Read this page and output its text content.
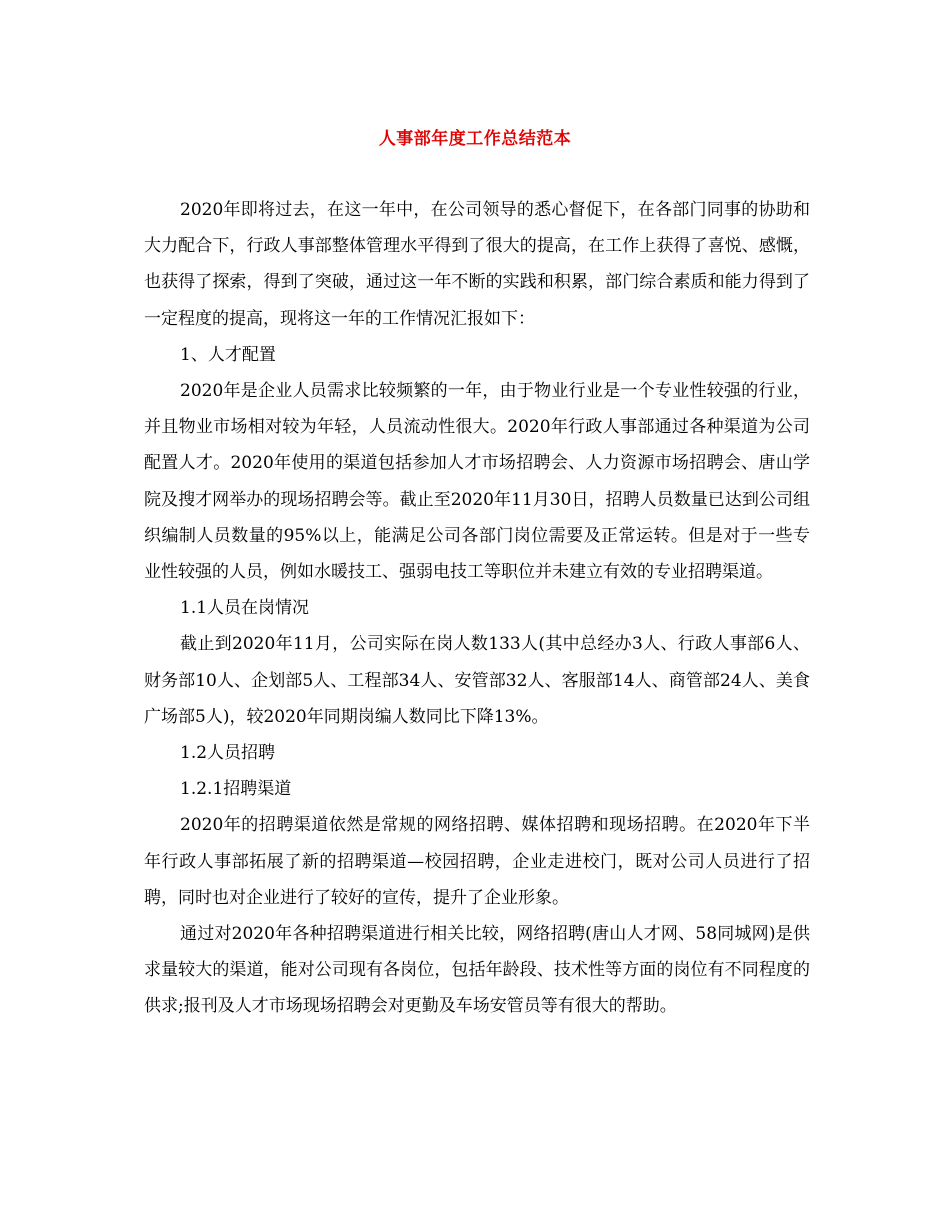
人事部年度工作总结范本

2020年即将过去，在这一年中，在公司领导的悉心督促下，在各部门同事的协助和大力配合下，行政人事部整体管理水平得到了很大的提高，在工作上获得了喜悦、感慨，也获得了探索，得到了突破，通过这一年不断的实践和积累，部门综合素质和能力得到了一定程度的提高，现将这一年的工作情况汇报如下：

1、人才配置

2020年是企业人员需求比较频繁的一年，由于物业行业是一个专业性较强的行业，并且物业市场相对较为年轻，人员流动性很大。2020年行政人事部通过各种渠道为公司配置人才。2020年使用的渠道包括参加人才市场招聘会、人力资源市场招聘会、唐山学院及搜才网举办的现场招聘会等。截止至2020年11月30日，招聘人员数量已达到公司组织编制人员数量的95%以上，能满足公司各部门岗位需要及正常运转。但是对于一些专业性较强的人员，例如水暖技工、强弱电技工等职位并未建立有效的专业招聘渠道。

1.1人员在岗情况

截止到2020年11月，公司实际在岗人数133人(其中总经办3人、行政人事部6人、财务部10人、企划部5人、工程部34人、安管部32人、客服部14人、商管部24人、美食广场部5人)，较2020年同期岗编人数同比下降13%。

1.2人员招聘

1.2.1招聘渠道

2020年的招聘渠道依然是常规的网络招聘、媒体招聘和现场招聘。在2020年下半年行政人事部拓展了新的招聘渠道—校园招聘，企业走进校门，既对公司人员进行了招聘，同时也对企业进行了较好的宣传，提升了企业形象。

通过对2020年各种招聘渠道进行相关比较，网络招聘(唐山人才网、58同城网)是供求量较大的渠道，能对公司现有各岗位，包括年龄段、技术性等方面的岗位有不同程度的供求;报刊及人才市场现场招聘会对更勤及车场安管员等有很大的帮助。
